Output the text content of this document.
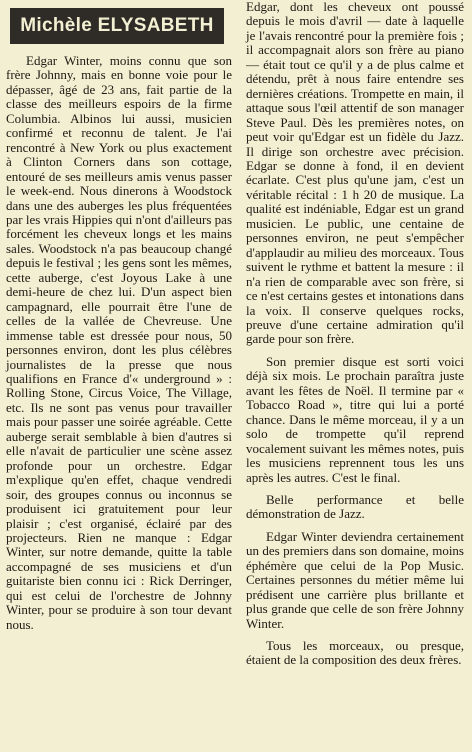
Michèle ELYSABETH

Edgar Winter, moins connu que son frère Johnny, mais en bonne voie pour le dépasser, âgé de 23 ans, fait partie de la classe des meilleurs espoirs de la firme Columbia. Albinos lui aussi, musicien confirmé et reconnu de talent. Je l'ai rencontré à New York ou plus exactement à Clinton Corners dans son cottage, entouré de ses meilleurs amis venus passer le week-end. Nous dinerons à Woodstock dans une des auberges les plus fréquentées par les vrais Hippies qui n'ont d'ailleurs pas forcément les cheveux longs et les mains sales. Woodstock n'a pas beaucoup changé depuis le festival ; les gens sont les mêmes, cette auberge, c'est Joyous Lake à une demi-heure de chez lui. D'un aspect bien campagnard, elle pourrait être l'une de celles de la vallée de Chevreuse. Une immense table est dressée pour nous, 50 personnes environ, dont les plus célèbres journalistes de la presse que nous qualifions en France d'« underground » : Rolling Stone, Circus Voice, The Village, etc. Ils ne sont pas venus pour travailler mais pour passer une soirée agréable. Cette auberge serait semblable à bien d'autres si elle n'avait de particulier une scène assez profonde pour un orchestre. Edgar m'explique qu'en effet, chaque vendredi soir, des groupes connus ou inconnus se produisent ici gratuitement pour leur plaisir ; c'est organisé, éclairé par des projecteurs. Rien ne manque : Edgar Winter, sur notre demande, quitte la table accompagné de ses musiciens et d'un guitariste bien connu ici : Rick Derringer, qui est celui de l'orchestre de Johnny Winter, pour se produire à son tour devant nous.

Edgar, dont les cheveux ont poussé depuis le mois d'avril — date à laquelle je l'avais rencontré pour la première fois ; il accompagnait alors son frère au piano — était tout ce qu'il y a de plus calme et détendu, prêt à nous faire entendre ses dernières créations. Trompette en main, il attaque sous l'œil attentif de son manager Steve Paul. Dès les premières notes, on peut voir qu'Edgar est un fidèle du Jazz. Il dirige son orchestre avec précision. Edgar se donne à fond, il en devient écarlate. C'est plus qu'une jam, c'est un véritable récital : 1 h 20 de musique. La qualité est indéniable, Edgar est un grand musicien. Le public, une centaine de personnes environ, ne peut s'empêcher d'applaudir au milieu des morceaux. Tous suivent le rythme et battent la mesure : il n'a rien de comparable avec son frère, si ce n'est certains gestes et intonations dans la voix. Il conserve quelques rocks, preuve d'une certaine admiration qu'il garde pour son frère.

Son premier disque est sorti voici déjà six mois. Le prochain paraîtra juste avant les fêtes de Noël. Il termine par « Tobacco Road », titre qui lui a porté chance. Dans le même morceau, il y a un solo de trompette qu'il reprend vocalement suivant les mêmes notes, puis les musiciens reprennent tous les uns après les autres. C'est le final.

Belle performance et belle démonstration de Jazz.

Edgar Winter deviendra certainement un des premiers dans son domaine, moins éphémère que celui de la Pop Music. Certaines personnes du métier même lui prédisent une carrière plus brillante et plus grande que celle de son frère Johnny Winter.

Tous les morceaux, ou presque, étaient de la composition des deux frères.
